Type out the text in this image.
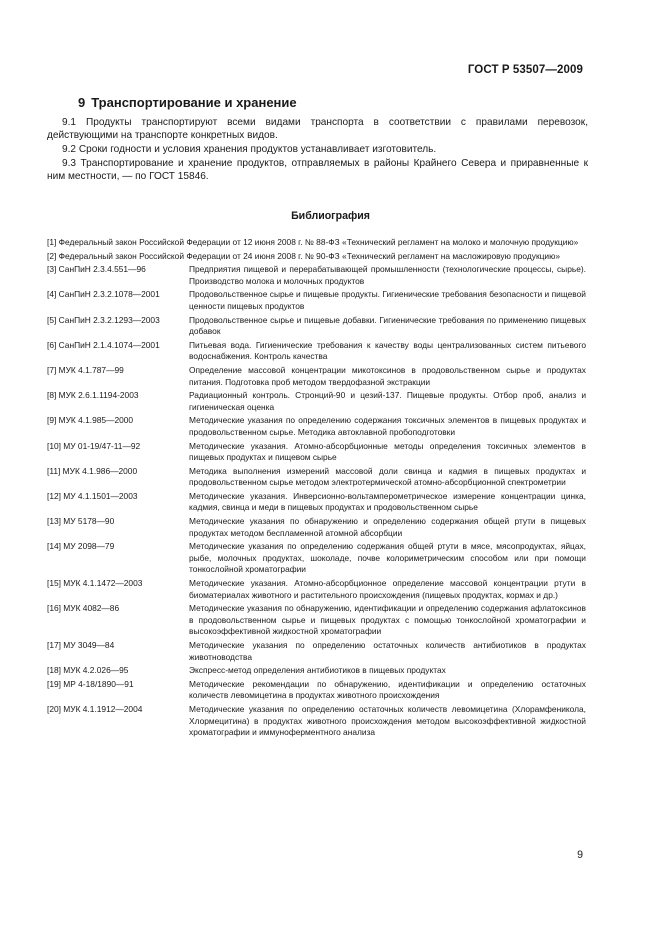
ГОСТ Р 53507—2009
9 Транспортирование и хранение

9.1 Продукты транспортируют всеми видами транспорта в соответствии с правилами перевозок, действующими на транспорте конкретных видов.

9.2 Сроки годности и условия хранения продуктов устанавливает изготовитель.

9.3 Транспортирование и хранение продуктов, отправляемых в районы Крайнего Севера и приравненные к ним местности, — по ГОСТ 15846.

Библиография
[1] Федеральный закон Российской Федерации от 12 июня 2008 г. № 88-ФЗ «Технический регламент на молоко и молочную продукцию»
[2] Федеральный закон Российской Федерации от 24 июня 2008 г. № 90-ФЗ «Технический регламент на масложировую продукцию»
[3] СанПиН 2.3.4.551—96	Предприятия пищевой и перерабатывающей промышленности (технологические процессы, сырье). Производство молока и молочных продуктов
[4] СанПиН 2.3.2.1078—2001	Продовольственное сырье и пищевые продукты. Гигиенические требования безопасности и пищевой ценности пищевых продуктов
[5] СанПиН 2.3.2.1293—2003	Продовольственное сырье и пищевые добавки. Гигиенические требования по применению пищевых добавок
[6] СанПиН 2.1.4.1074—2001	Питьевая вода. Гигиенические требования к качеству воды централизованных систем питьевого водоснабжения. Контроль качества
[7] МУК 4.1.787—99	Определение массовой концентрации микотоксинов в продовольственном сырье и продуктах питания. Подготовка проб методом твердофазной экстракции
[8] МУК 2.6.1.1194-2003	Радиационный контроль. Стронций-90 и цезий-137. Пищевые продукты. Отбор проб, анализ и гигиеническая оценка
[9] МУК 4.1.985—2000	Методические указания по определению содержания токсичных элементов в пищевых продуктах и продовольственном сырье. Методика автоклавной пробоподготовки
[10] МУ 01-19/47-11—92	Методические указания. Атомно-абсорбционные методы определения токсичных элементов в пищевых продуктах и пищевом сырье
[11] МУК 4.1.986—2000	Методика выполнения измерений массовой доли свинца и кадмия в пищевых продуктах и продовольственном сырье методом электротермической атомно-абсорбционной спектрометрии
[12] МУ 4.1.1501—2003	Методические указания. Инверсионно-вольтамперометрическое измерение концентрации цинка, кадмия, свинца и меди в пищевых продуктах и продовольственном сырье
[13] МУ 5178—90	Методические указания по обнаружению и определению содержания общей ртути в пищевых продуктах методом беспламенной атомной абсорбции
[14] МУ 2098—79	Методические указания по определению содержания общей ртути в мясе, мясопродуктах, яйцах, рыбе, молочных продуктах, шоколаде, почве колориметрическим способом или при помощи тонкослойной хроматографии
[15] МУК 4.1.1472—2003	Методические указания. Атомно-абсорбционное определение массовой концентрации ртути в биоматериалах животного и растительного происхождения (пищевых продуктах, кормах и др.)
[16] МУК 4082—86	Методические указания по обнаружению, идентификации и определению содержания афлатоксинов в продовольственном сырье и пищевых продуктах с помощью тонкослойной хроматографии и высокоэффективной жидкостной хроматографии
[17] МУ 3049—84	Методические указания по определению остаточных количеств антибиотиков в продуктах животноводства
[18] МУК 4.2.026—95	Экспресс-метод определения антибиотиков в пищевых продуктах
[19] МР 4-18/1890—91	Методические рекомендации по обнаружению, идентификации и определению остаточных количеств левомицетина в продуктах животного происхождения
[20] МУК 4.1.1912—2004	Методические указания по определению остаточных количеств левомицетина (Хлорамфеникола, Хлормецитина) в продуктах животного происхождения методом высокоэффективной жидкостной хроматографии и иммуноферментного анализа
9
